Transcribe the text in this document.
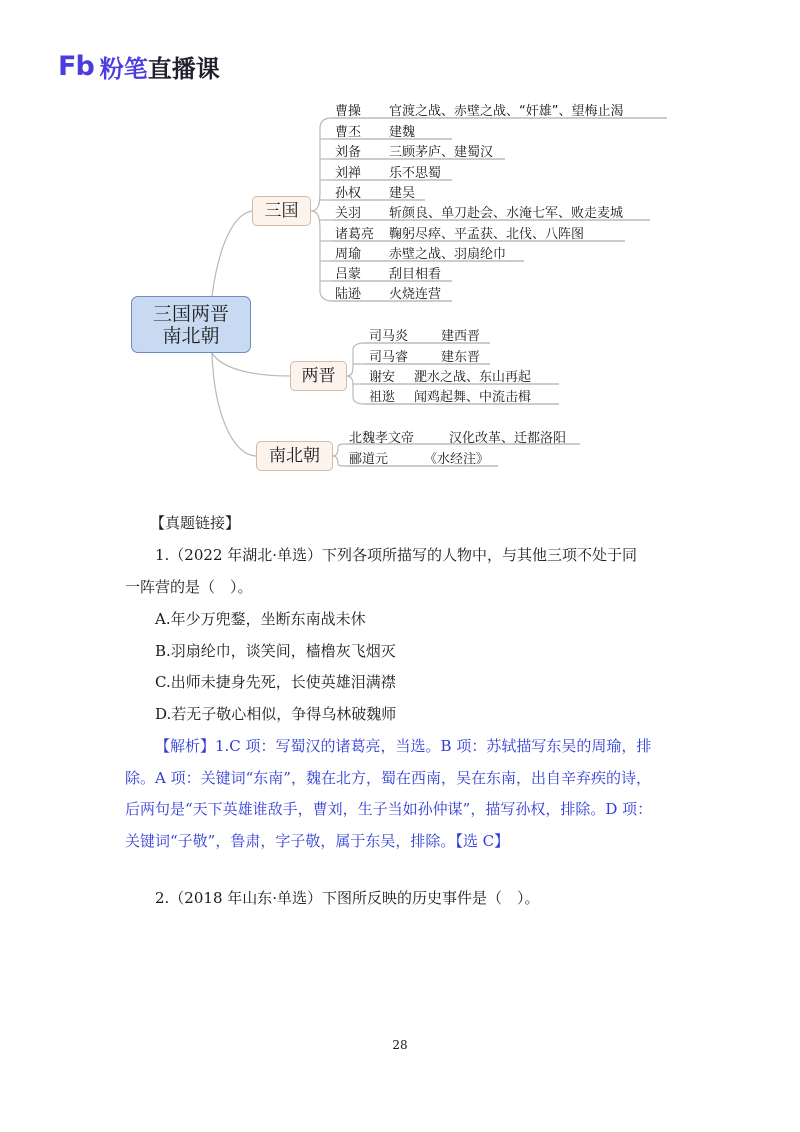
Fb 粉笔直播课
三国两晋
南北朝
三国
两晋
南北朝
曹操 官渡之战、赤壁之战、“奸雄”、望梅止渴
曹丕 建魏
刘备 三顾茅庐、建蜀汉
刘禅 乐不思蜀
孙权 建吴
关羽 斩颜良、单刀赴会、水淹七军、败走麦城
诸葛亮 鞠躬尽瘁、平孟获、北伐、八阵图
周瑜 赤壁之战、羽扇纶巾
吕蒙 刮目相看
陆逊 火烧连营
司马炎	建西晋
司马睿	建东晋
谢安 淝水之战、东山再起
祖逖 闻鸡起舞、中流击楫
北魏孝文帝	汉化改革、迁都洛阳
郦道元	《水经注》
【真题链接】
1.（2022 年湖北·单选）下列各项所描写的人物中，与其他三项不处于同
一阵营的是（　）。
A.年少万兜鍪，坐断东南战未休
B.羽扇纶巾，谈笑间，樯橹灰飞烟灭
C.出师未捷身先死，长使英雄泪满襟
D.若无子敬心相似，争得乌林破魏师
【解析】1.C 项：写蜀汉的诸葛亮，当选。B 项：苏轼描写东吴的周瑜，排
除。A 项：关键词“东南”，魏在北方，蜀在西南，吴在东南，出自辛弃疾的诗，
后两句是“天下英雄谁敌手，曹刘，生子当如孙仲谋”，描写孙权，排除。D 项：
关键词“子敬”，鲁肃，字子敬，属于东吴，排除。【选 C】
2.（2018 年山东·单选）下图所反映的历史事件是（　）。
28
